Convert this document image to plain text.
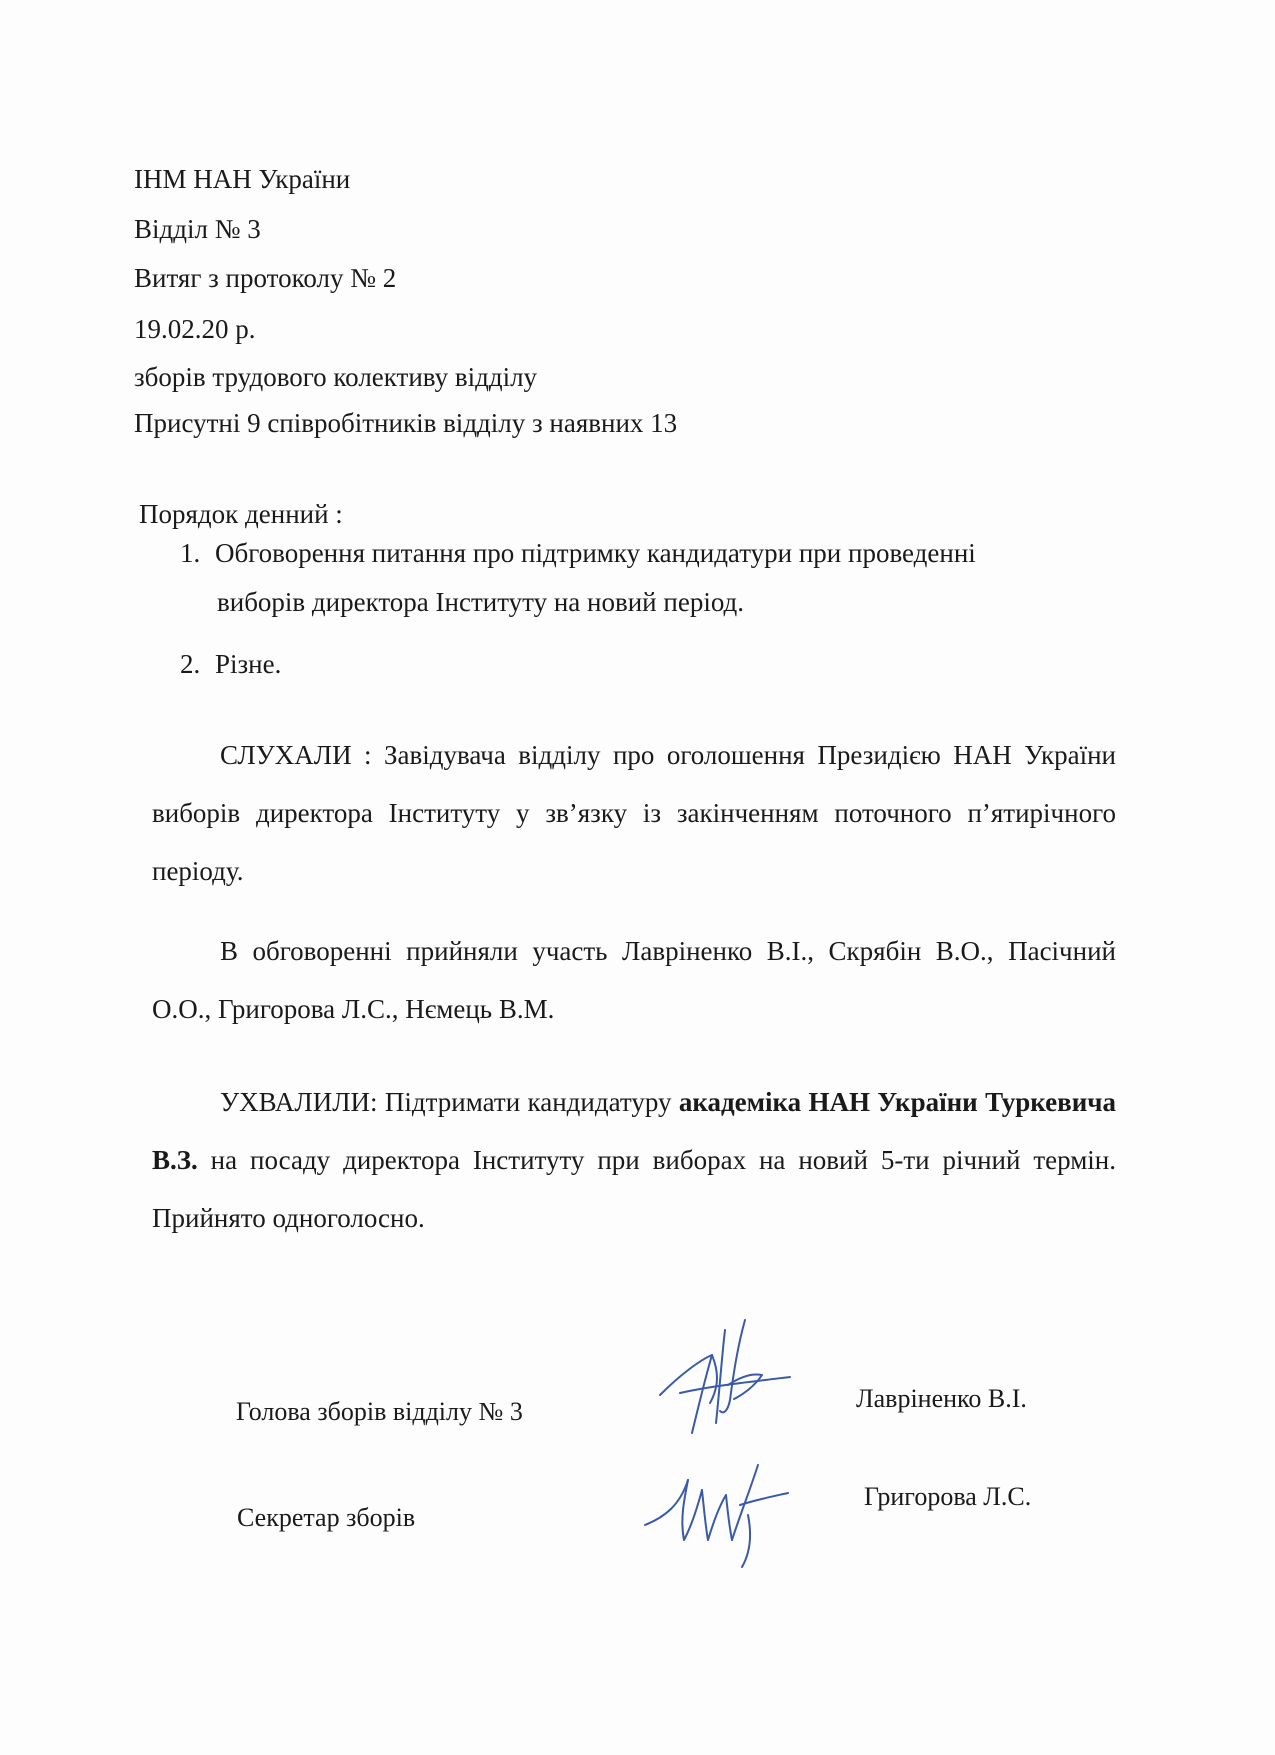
ІНМ НАН України
Відділ № 3
Витяг з протоколу № 2
19.02.20 р.
зборів трудового колективу відділу
Присутні 9 співробітників відділу з наявних 13
Порядок денний :
1. Обговорення питання про підтримку кандидатури при проведенні
виборів директора Інституту на новий період.
2. Різне.
СЛУХАЛИ : Завідувача відділу про оголошення Президією НАН України виборів директора Інституту у зв’язку із закінченням поточного п’ятирічного періоду.
В обговоренні прийняли участь Лавріненко В.І., Скрябін В.О., Пасічний О.О., Григорова Л.С., Нємець В.М.
УХВАЛИЛИ: Підтримати кандидатуру академіка НАН України Туркевича В.З. на посаду директора Інституту при виборах на новий 5-ти річний термін. Прийнято одноголосно.
Голова зборів відділу № 3	Лавріненко В.І.
Секретар зборів
Григорова Л.С.
